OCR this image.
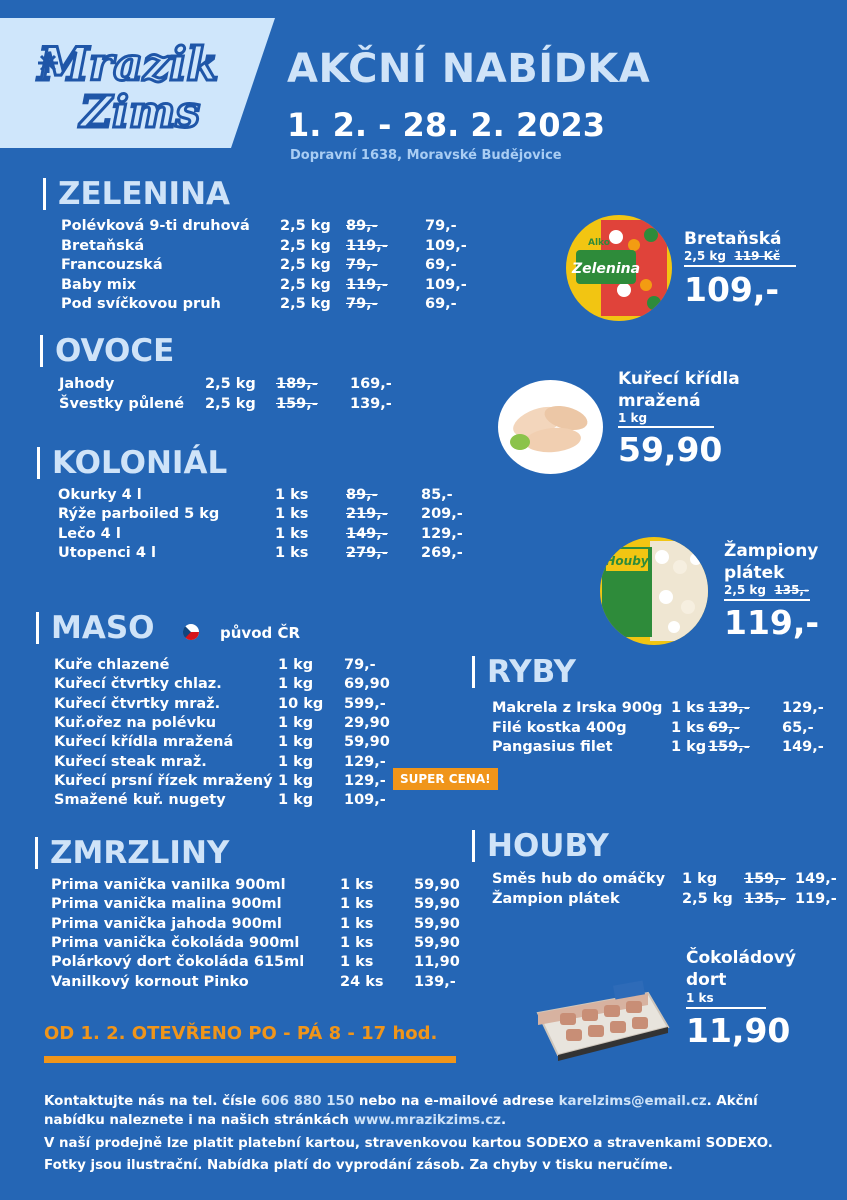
Mrazik
Zims
AKČNÍ NABÍDKA
1. 2. - 28. 2. 2023
Dopravní 1638, Moravské Budějovice
ZELENINA
Polévková 9-ti druhová 2,5 kg 89,-	79,-
Bretaňská	2,5 kg 119,-	109,-
Francouzská	2,5 kg 79,-	69,-
Baby mix	2,5 kg 119,-	109,-
Pod svíčkovou pruh	2,5 kg 79,-	69,-
OVOCE
Jahody	2,5 kg 189,- 169,-
Švestky půlené 2,5 kg 159,- 139,-
KOLONIÁL
Okurky 4 l	1 ks	89,-	85,-
Rýže parboiled 5 kg	1 ks	219,- 209,-
Lečo 4 l	1 ks	149,- 129,-
Utopenci 4 l	1 ks	279,- 269,-
MASO	původ ČR
Kuře chlazené	1 kg 79,-
Kuřecí čtvrtky chlaz.	1 kg 69,90
Kuřecí čtvrtky mraž.	10 kg 599,-
Kuř.ořez na polévku	1 kg 29,90
Kuřecí křídla mražená	1 kg 59,90
Kuřecí steak mraž.	1 kg 129,-
Kuřecí prsní řízek mražený 1 kg 129,-
Smažené kuř. nugety	1 kg 109,-
SUPER CENA!
RYBY
Makrela z Irska 900g 1 ks 139,- 129,-
Filé kostka 400g	1 ks 69,-	65,-
Pangasius filet	1 kg 159,- 149,-
ZMRZLINY
Prima vanička vanilka 900ml	1 ks	59,90
Prima vanička malina 900ml	1 ks	59,90
Prima vanička jahoda 900ml	1 ks	59,90
Prima vanička čokoláda 900ml	1 ks	59,90
Polárkový dort čokoláda 615ml 1 ks	11,90
Vanilkový kornout Pinko	24 ks 139,-
HOUBY
Směs hub do omáčky 1 kg 159,- 149,-
Žampion plátek	2,5 kg 135,- 119,-
Zelenina
Alko	Bretaňská
2,5 kg 119 Kč
109,-
Kuřecí křídla
mražená
1 kg
59,90
Houby	Žampiony
plátek
2,5 kg 135,-
119,-
Čokoládový
dort
1 ks
11,90
OD 1. 2. OTEVŘENO PO - PÁ 8 - 17 hod.
Kontaktujte nás na tel. čísle 606 880 150 nebo na e-mailové adrese karelzims@email.cz. Akční nabídku naleznete i na našich stránkách www.mrazikzims.cz.
V naší prodejně lze platit platební kartou, stravenkovou kartou SODEXO a stravenkami SODEXO.
Fotky jsou ilustrační. Nabídka platí do vyprodání zásob. Za chyby v tisku neručíme.
